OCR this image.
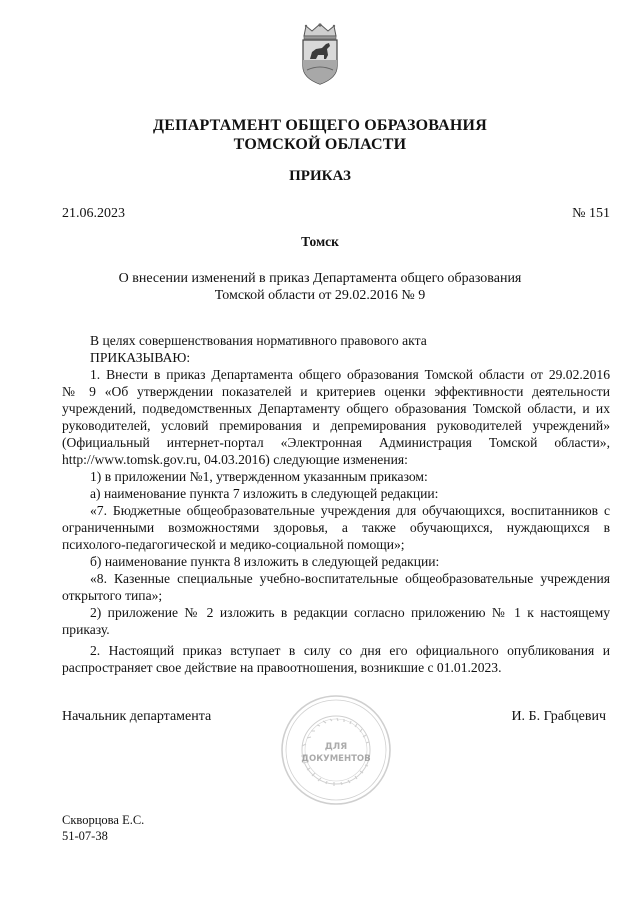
ДЕПАРТАМЕНТ ОБЩЕГО ОБРАЗОВАНИЯ
ТОМСКОЙ ОБЛАСТИ
ПРИКАЗ
21.06.2023	№ 151
Томск
О внесении изменений в приказ Департамента общего образования
Томской области от 29.02.2016 № 9
В целях совершенствования нормативного правового акта
ПРИКАЗЫВАЮ:
1. Внести в приказ Департамента общего образования Томской области от 29.02.2016
№ 9 «Об утверждении показателей и критериев оценки эффективности деятельности
учреждений, подведомственных Департаменту общего образования Томской области, и их
руководителей, условий премирования и депремирования руководителей учреждений»
(Официальный интернет-портал «Электронная Администрация Томской области»,
http://www.tomsk.gov.ru, 04.03.2016) следующие изменения:
1) в приложении №1, утвержденном указанным приказом:
а) наименование пункта 7 изложить в следующей редакции:
«7. Бюджетные общеобразовательные учреждения для обучающихся, воспитанников с
ограниченными возможностями здоровья, а также обучающихся, нуждающихся в
психолого-педагогической и медико-социальной помощи»;
б) наименование пункта 8 изложить в следующей редакции:
«8. Казенные специальные учебно-воспитательные общеобразовательные учреждения
открытого типа»;
2) приложение № 2 изложить в редакции согласно приложению № 1 к настоящему
приказу.
2. Настоящий приказ вступает в силу со дня его официального опубликования и
распространяет свое действие на правоотношения, возникшие с 01.01.2023.
Начальник департамента	И. Б. Грабцевич
ДЛЯ
ДОКУМЕНТОВ
Скворцова Е.С.
51-07-38
